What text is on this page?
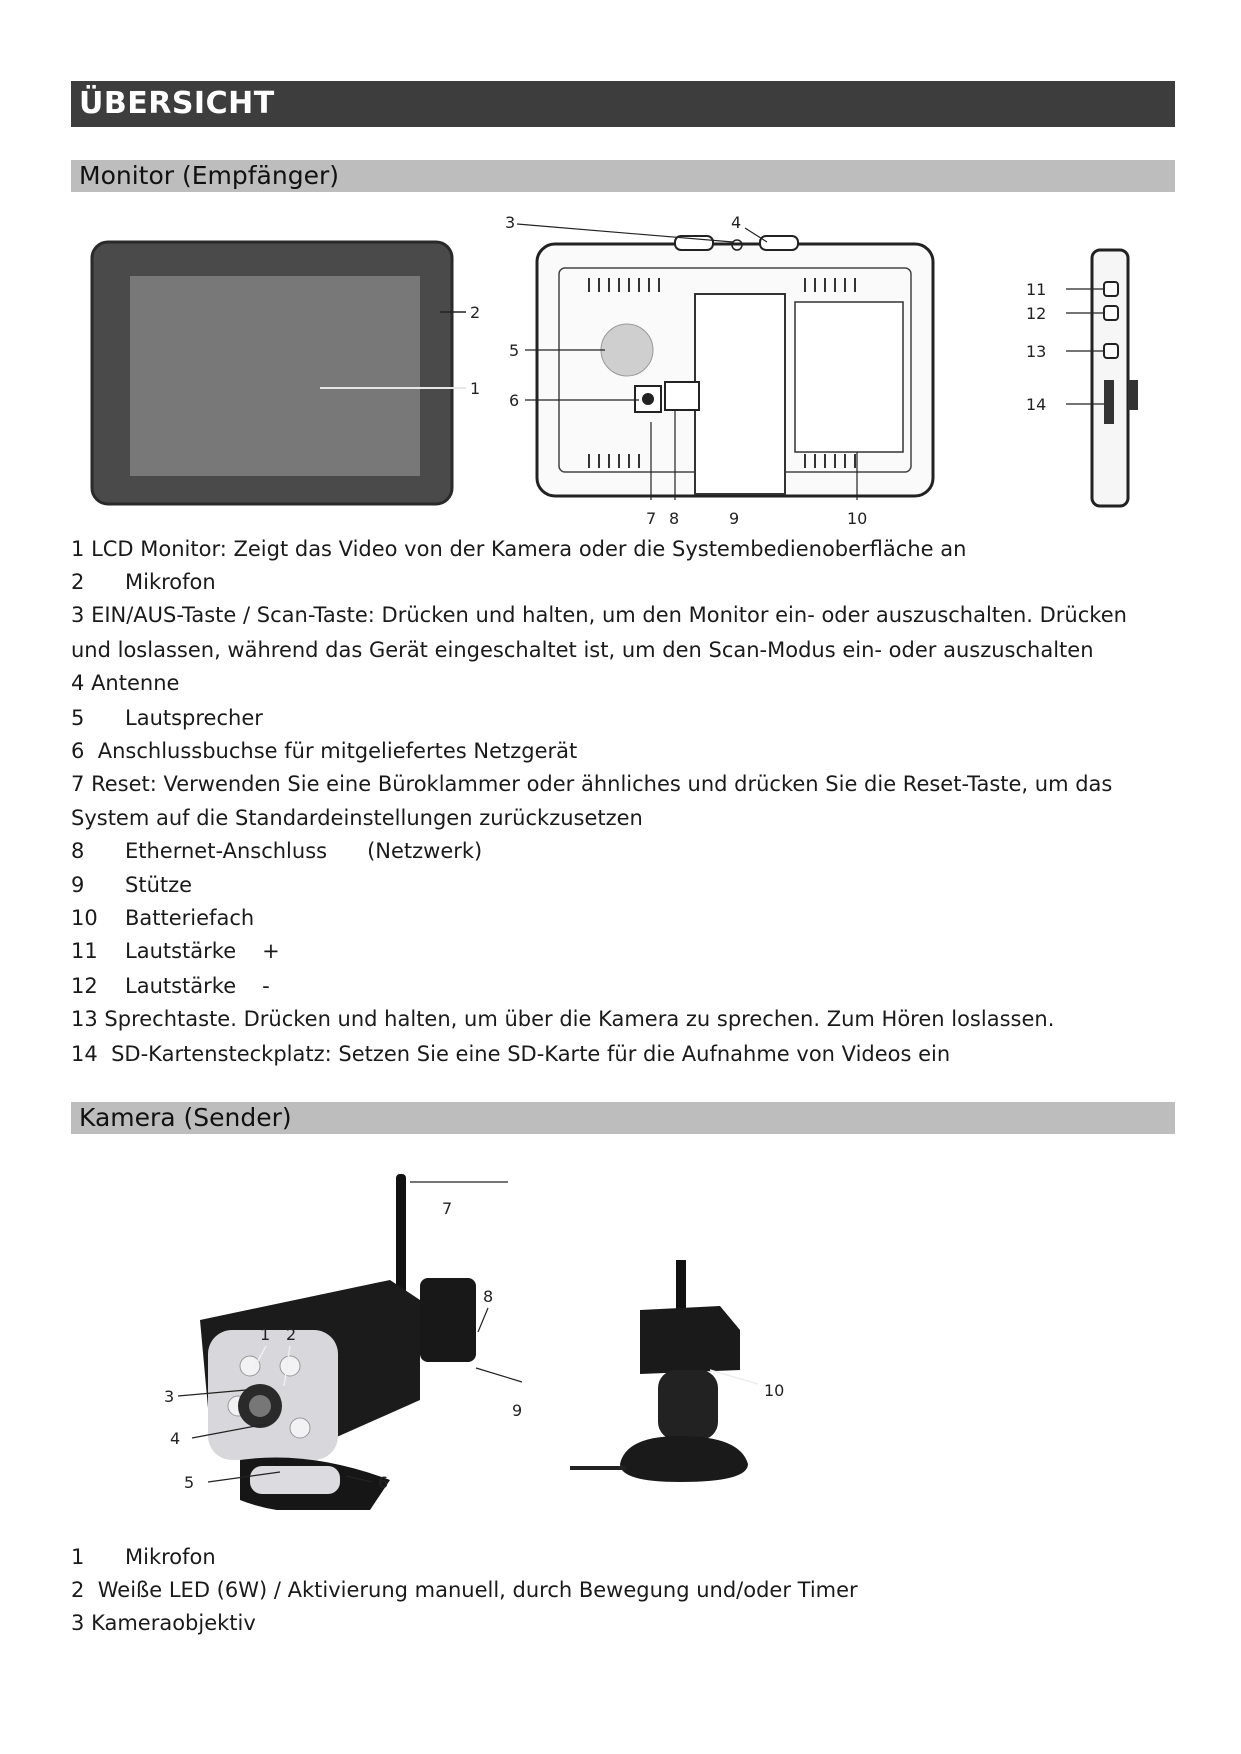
ÜBERSICHT
Monitor (Empfänger)
2
1
3	4
5
6
7 8	9	10
11
12
13
14
1 LCD Monitor: Zeigt das Video von der Kamera oder die Systembedienoberfläche an
2 Mikrofon
3 EIN/AUS-Taste / Scan-Taste: Drücken und halten, um den Monitor ein- oder auszuschalten. Drücken
und loslassen, während das Gerät eingeschaltet ist, um den Scan-Modus ein- oder auszuschalten
4 Antenne
5 Lautsprecher
6 Anschlussbuchse für mitgeliefertes Netzgerät
7 Reset: Verwenden Sie eine Büroklammer oder ähnliches und drücken Sie die Reset-Taste, um das
System auf die Standardeinstellungen zurückzusetzen
8 Ethernet-Anschluss (Netzwerk)
9 Stütze
10 Batteriefach
11 Lautstärke +
12 Lautstärke -
13 Sprechtaste. Drücken und halten, um über die Kamera zu sprechen. Zum Hören loslassen.
14 SD-Kartensteckplatz: Setzen Sie eine SD-Karte für die Aufnahme von Videos ein
Kamera (Sender)
7
8
9
1 2
3
4
5	6
10
1 Mikrofon
2 Weiße LED (6W) / Aktivierung manuell, durch Bewegung und/oder Timer
3 Kameraobjektiv
